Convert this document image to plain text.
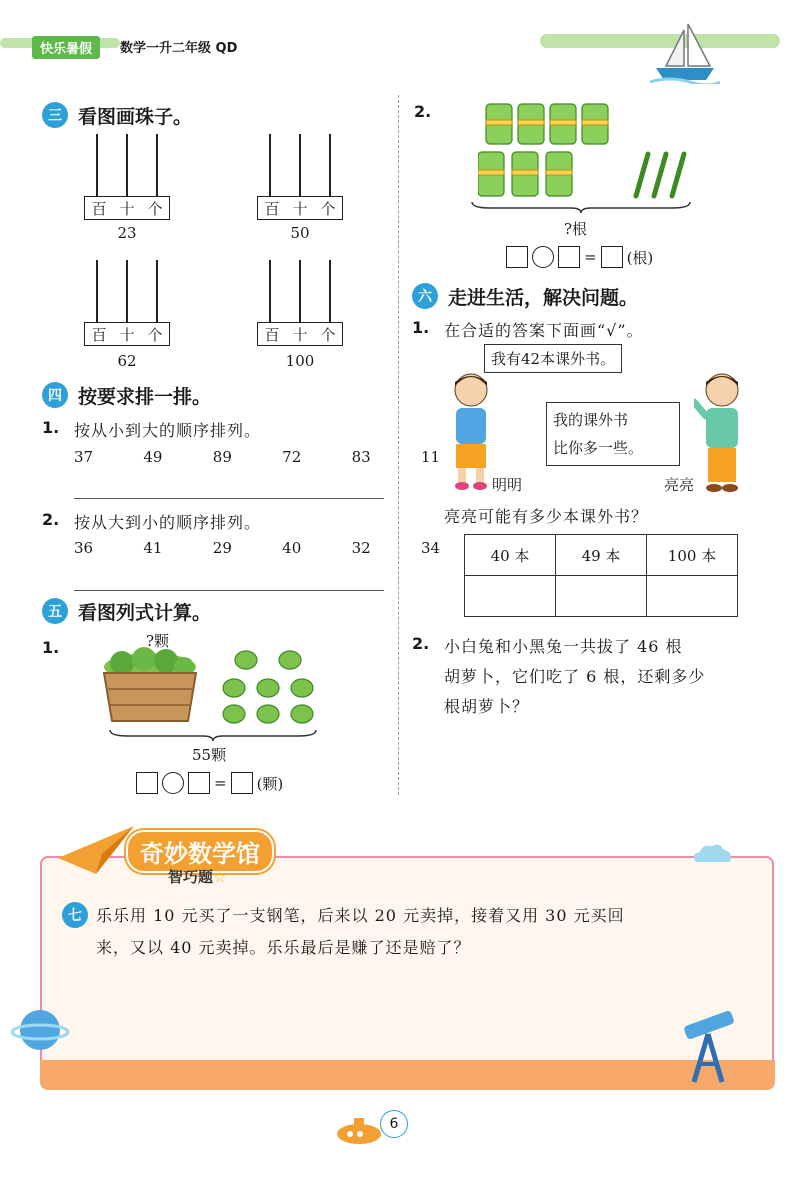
快乐暑假	数学一升二年级 QD
三 看图画珠子。
百 十 个
23
百 十 个
50
百 十 个
62
百 十 个
100
四 按要求排一排。
1. 按从小到大的顺序排列。
37   49   89   72   83   11
2. 按从大到小的顺序排列。
36   41   29   40   32   34
五 看图列式计算。
1.	?颗
55颗
= (颗)
2.
?根
= (根)
六 走进生活，解决问题。
1. 在合适的答案下面画“√”。
我有42本课外书。
我的课外书
比你多一些。
明明	亮亮
亮亮可能有多少本课外书？
40 本	49 本	100 本

2. 小白兔和小黑兔一共拔了 46 根
胡萝卜，它们吃了 6 根，还剩多少
根胡萝卜？
奇妙数学馆
智巧题☆
七 乐乐用 10 元买了一支钢笔，后来以 20 元卖掉，接着又用 30 元买回
来，又以 40 元卖掉。乐乐最后是赚了还是赔了？
6
